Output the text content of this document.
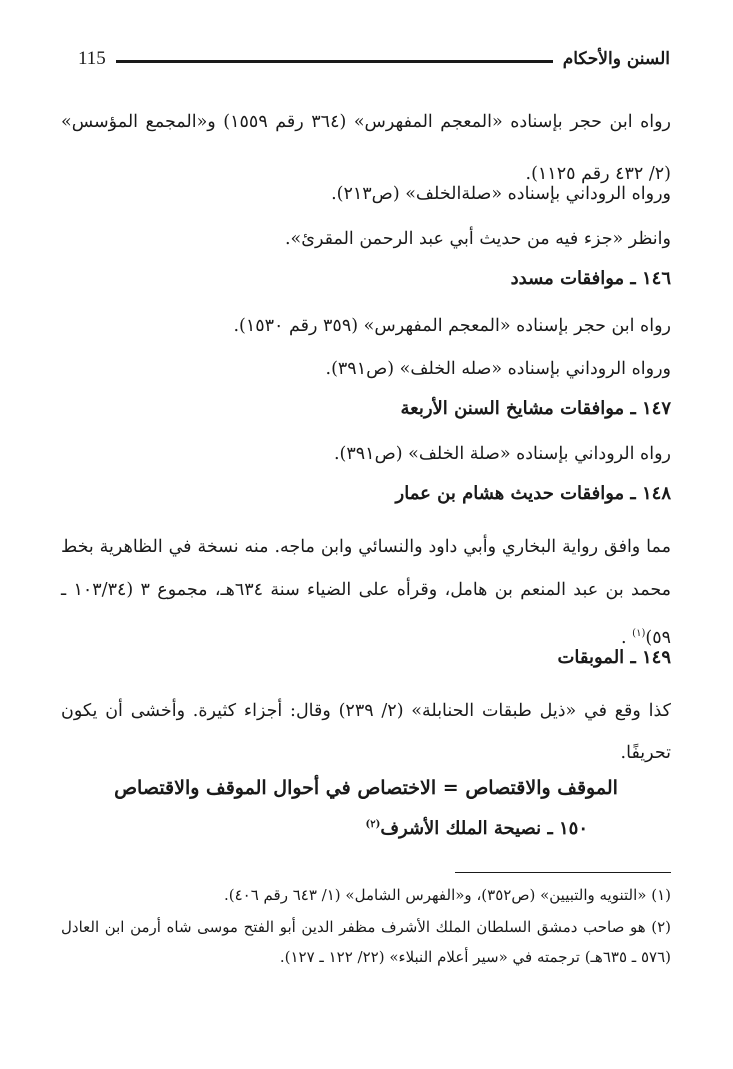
115	السنن والأحكام
رواه ابن حجر بإسناده «المعجم المفهرس» (٣٦٤ رقم ١٥٥٩) و«المجمع المؤسس» (٢/ ٤٣٢ رقم ١١٢٥).
ورواه الروداني بإسناده «صلةالخلف» (ص٢١٣).
وانظر «جزء فيه من حديث أبي عبد الرحمن المقرئ».
١٤٦ ـ موافقات مسدد
رواه ابن حجر بإسناده «المعجم المفهرس» (٣٥٩ رقم ١٥٣٠).
ورواه الروداني بإسناده «صله الخلف» (ص٣٩١).
١٤٧ ـ موافقات مشايخ السنن الأربعة
رواه الروداني بإسناده «صلة الخلف» (ص٣٩١).
١٤٨ ـ موافقات حديث هشام بن عمار
مما وافق رواية البخاري وأبي داود والنسائي وابن ماجه. منه نسخة في الظاهرية بخط محمد بن عبد المنعم بن هامل، وقرأه على الضياء سنة ٦٣٤هـ، مجموع ٣ (١٠٣/٣٤ ـ ٥٩)$^{(١)}$ .
١٤٩ ـ الموبقات
كذا وقع في «ذيل طبقات الحنابلة» (٢/ ٢٣٩) وقال: أجزاء كثيرة. وأخشى أن يكون تحريفًا.
الموقف والاقتصاص = الاختصاص في أحوال الموقف والاقتصاص
١٥٠ ـ نصيحة الملك الأشرف$^{(٢)}$
(١) «التنويه والتبيين» (ص٣٥٢)، و«الفهرس الشامل» (١/ ٦٤٣ رقم ٤٠٦).
(٢) هو صاحب دمشق السلطان الملك الأشرف مظفر الدين أبو الفتح موسى شاه أرمن ابن العادل (٥٧٦ ـ ٦٣٥هـ) ترجمته في «سير أعلام النبلاء» (٢٢/ ١٢٢ ـ ١٢٧).
